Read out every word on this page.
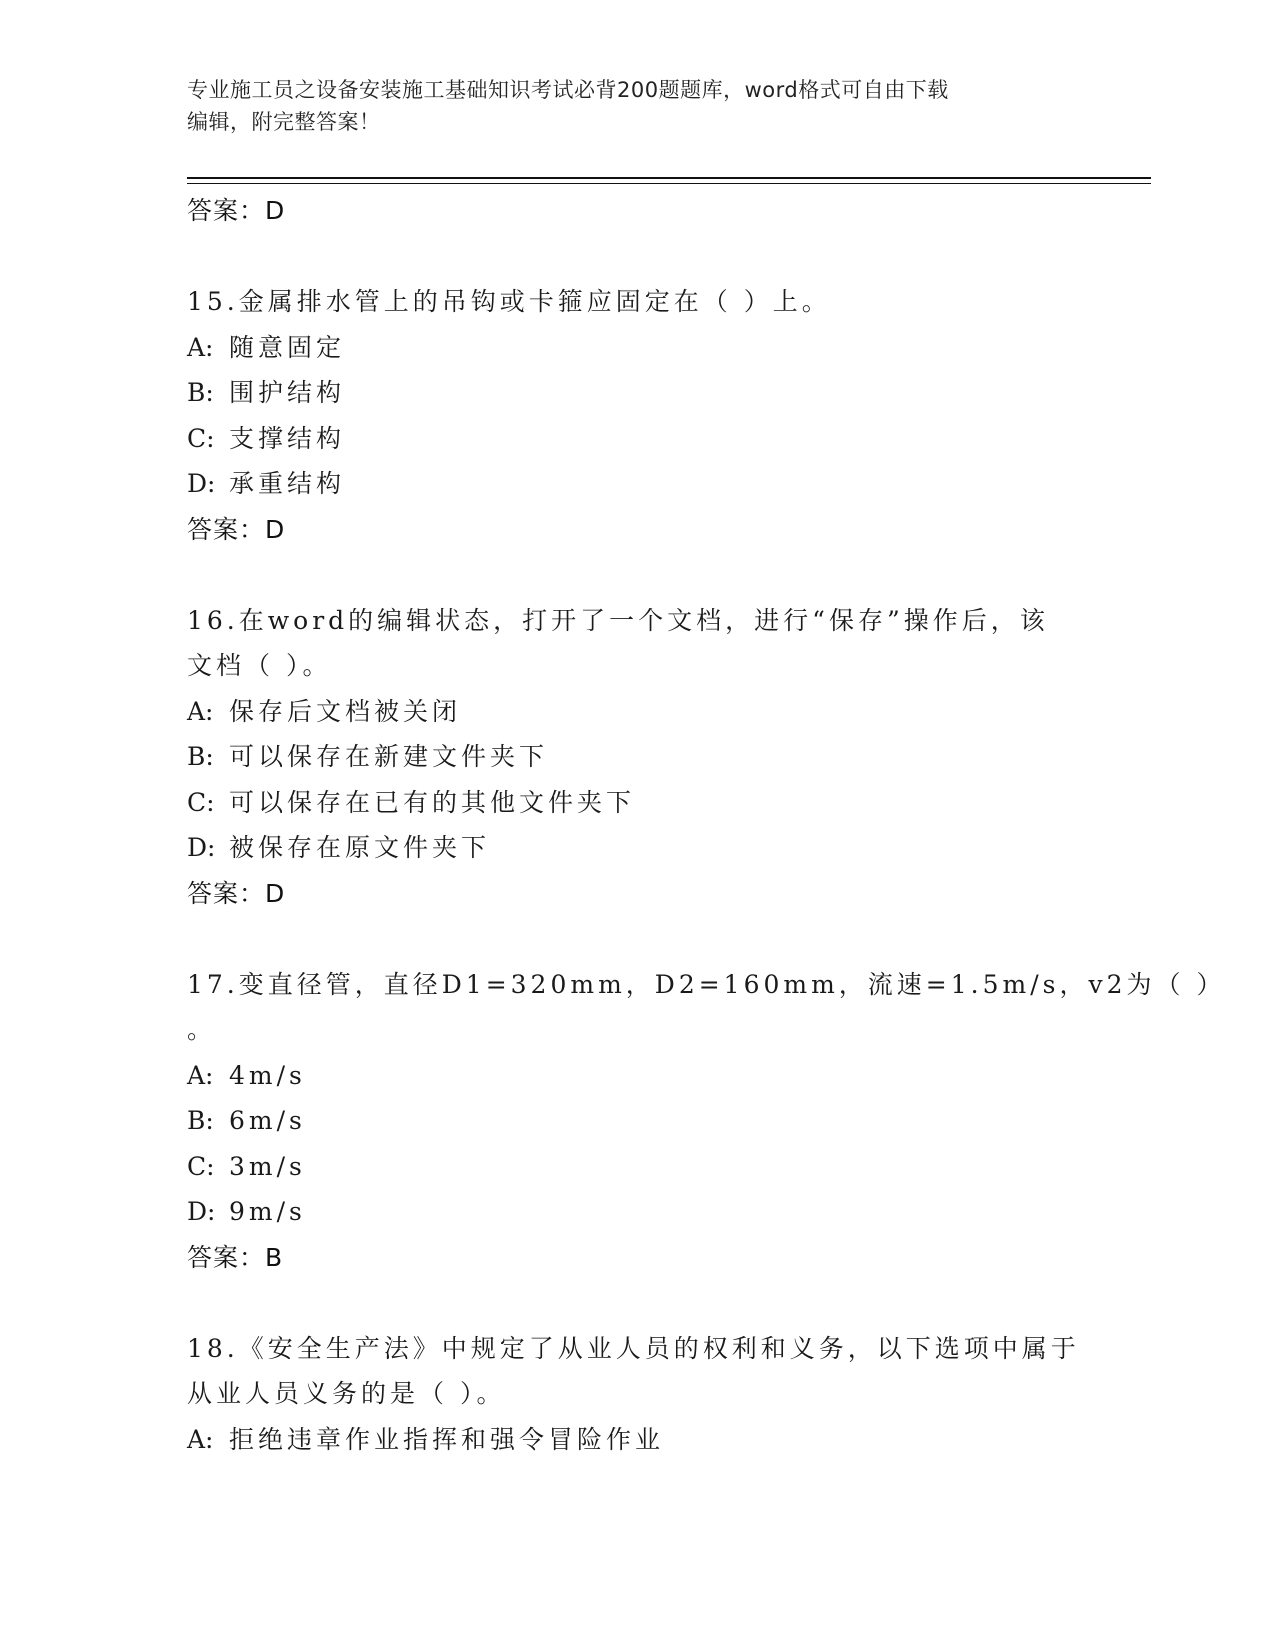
专业施工员之设备安装施工基础知识考试必背200题题库，word格式可自由下载
编辑，附完整答案！
答案：D
15.金属排水管上的吊钩或卡箍应固定在（ ）上。
A: 随意固定
B: 围护结构
C: 支撑结构
D: 承重结构
答案：D
16.在word的编辑状态，打开了一个文档，进行“保存”操作后，该
文档（ ）。
A: 保存后文档被关闭
B: 可以保存在新建文件夹下
C: 可以保存在已有的其他文件夹下
D: 被保存在原文件夹下
答案：D
17.变直径管，直径D1=320mm，D2=160mm，流速=1.5m/s，v2为（ ）
。
A: 4m/s
B: 6m/s
C: 3m/s
D: 9m/s
答案：B
18.《安全生产法》中规定了从业人员的权利和义务，以下选项中属于
从业人员义务的是（ ）。
A: 拒绝违章作业指挥和强令冒险作业
